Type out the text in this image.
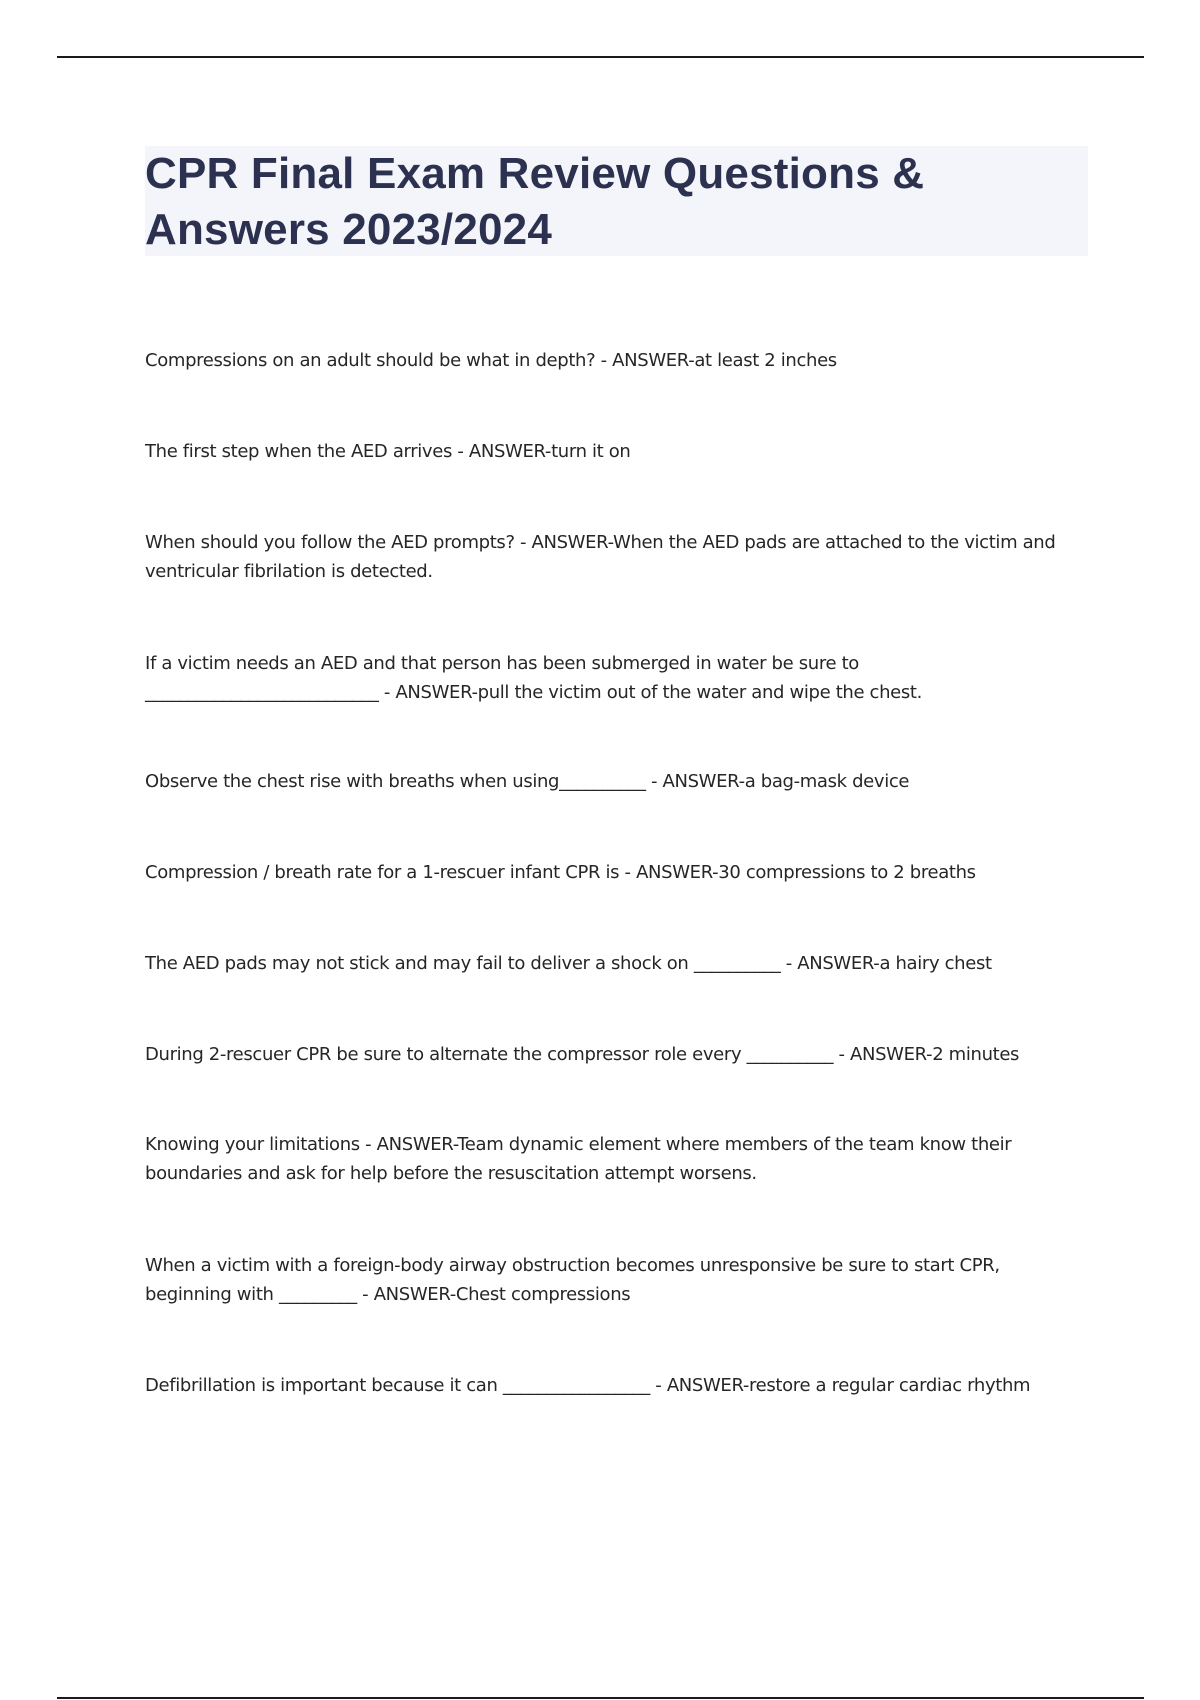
CPR Final Exam Review Questions & Answers 2023/2024
Compressions on an adult should be what in depth? - ANSWER-at least 2 inches
The first step when the AED arrives - ANSWER-turn it on
When should you follow the AED prompts? - ANSWER-When the AED pads are attached to the victim and ventricular fibrilation is detected.
If a victim needs an AED and that person has been submerged in water be sure to ___________________________ - ANSWER-pull the victim out of the water and wipe the chest.
Observe the chest rise with breaths when using__________ - ANSWER-a bag-mask device
Compression / breath rate for a 1-rescuer infant CPR is - ANSWER-30 compressions to 2 breaths
The AED pads may not stick and may fail to deliver a shock on __________ - ANSWER-a hairy chest
During 2-rescuer CPR be sure to alternate the compressor role every __________ - ANSWER-2 minutes
Knowing your limitations - ANSWER-Team dynamic element where members of the team know their boundaries and ask for help before the resuscitation attempt worsens.
When a victim with a foreign-body airway obstruction becomes unresponsive be sure to start CPR, beginning with _________ - ANSWER-Chest compressions
Defibrillation is important because it can _________________ - ANSWER-restore a regular cardiac rhythm
